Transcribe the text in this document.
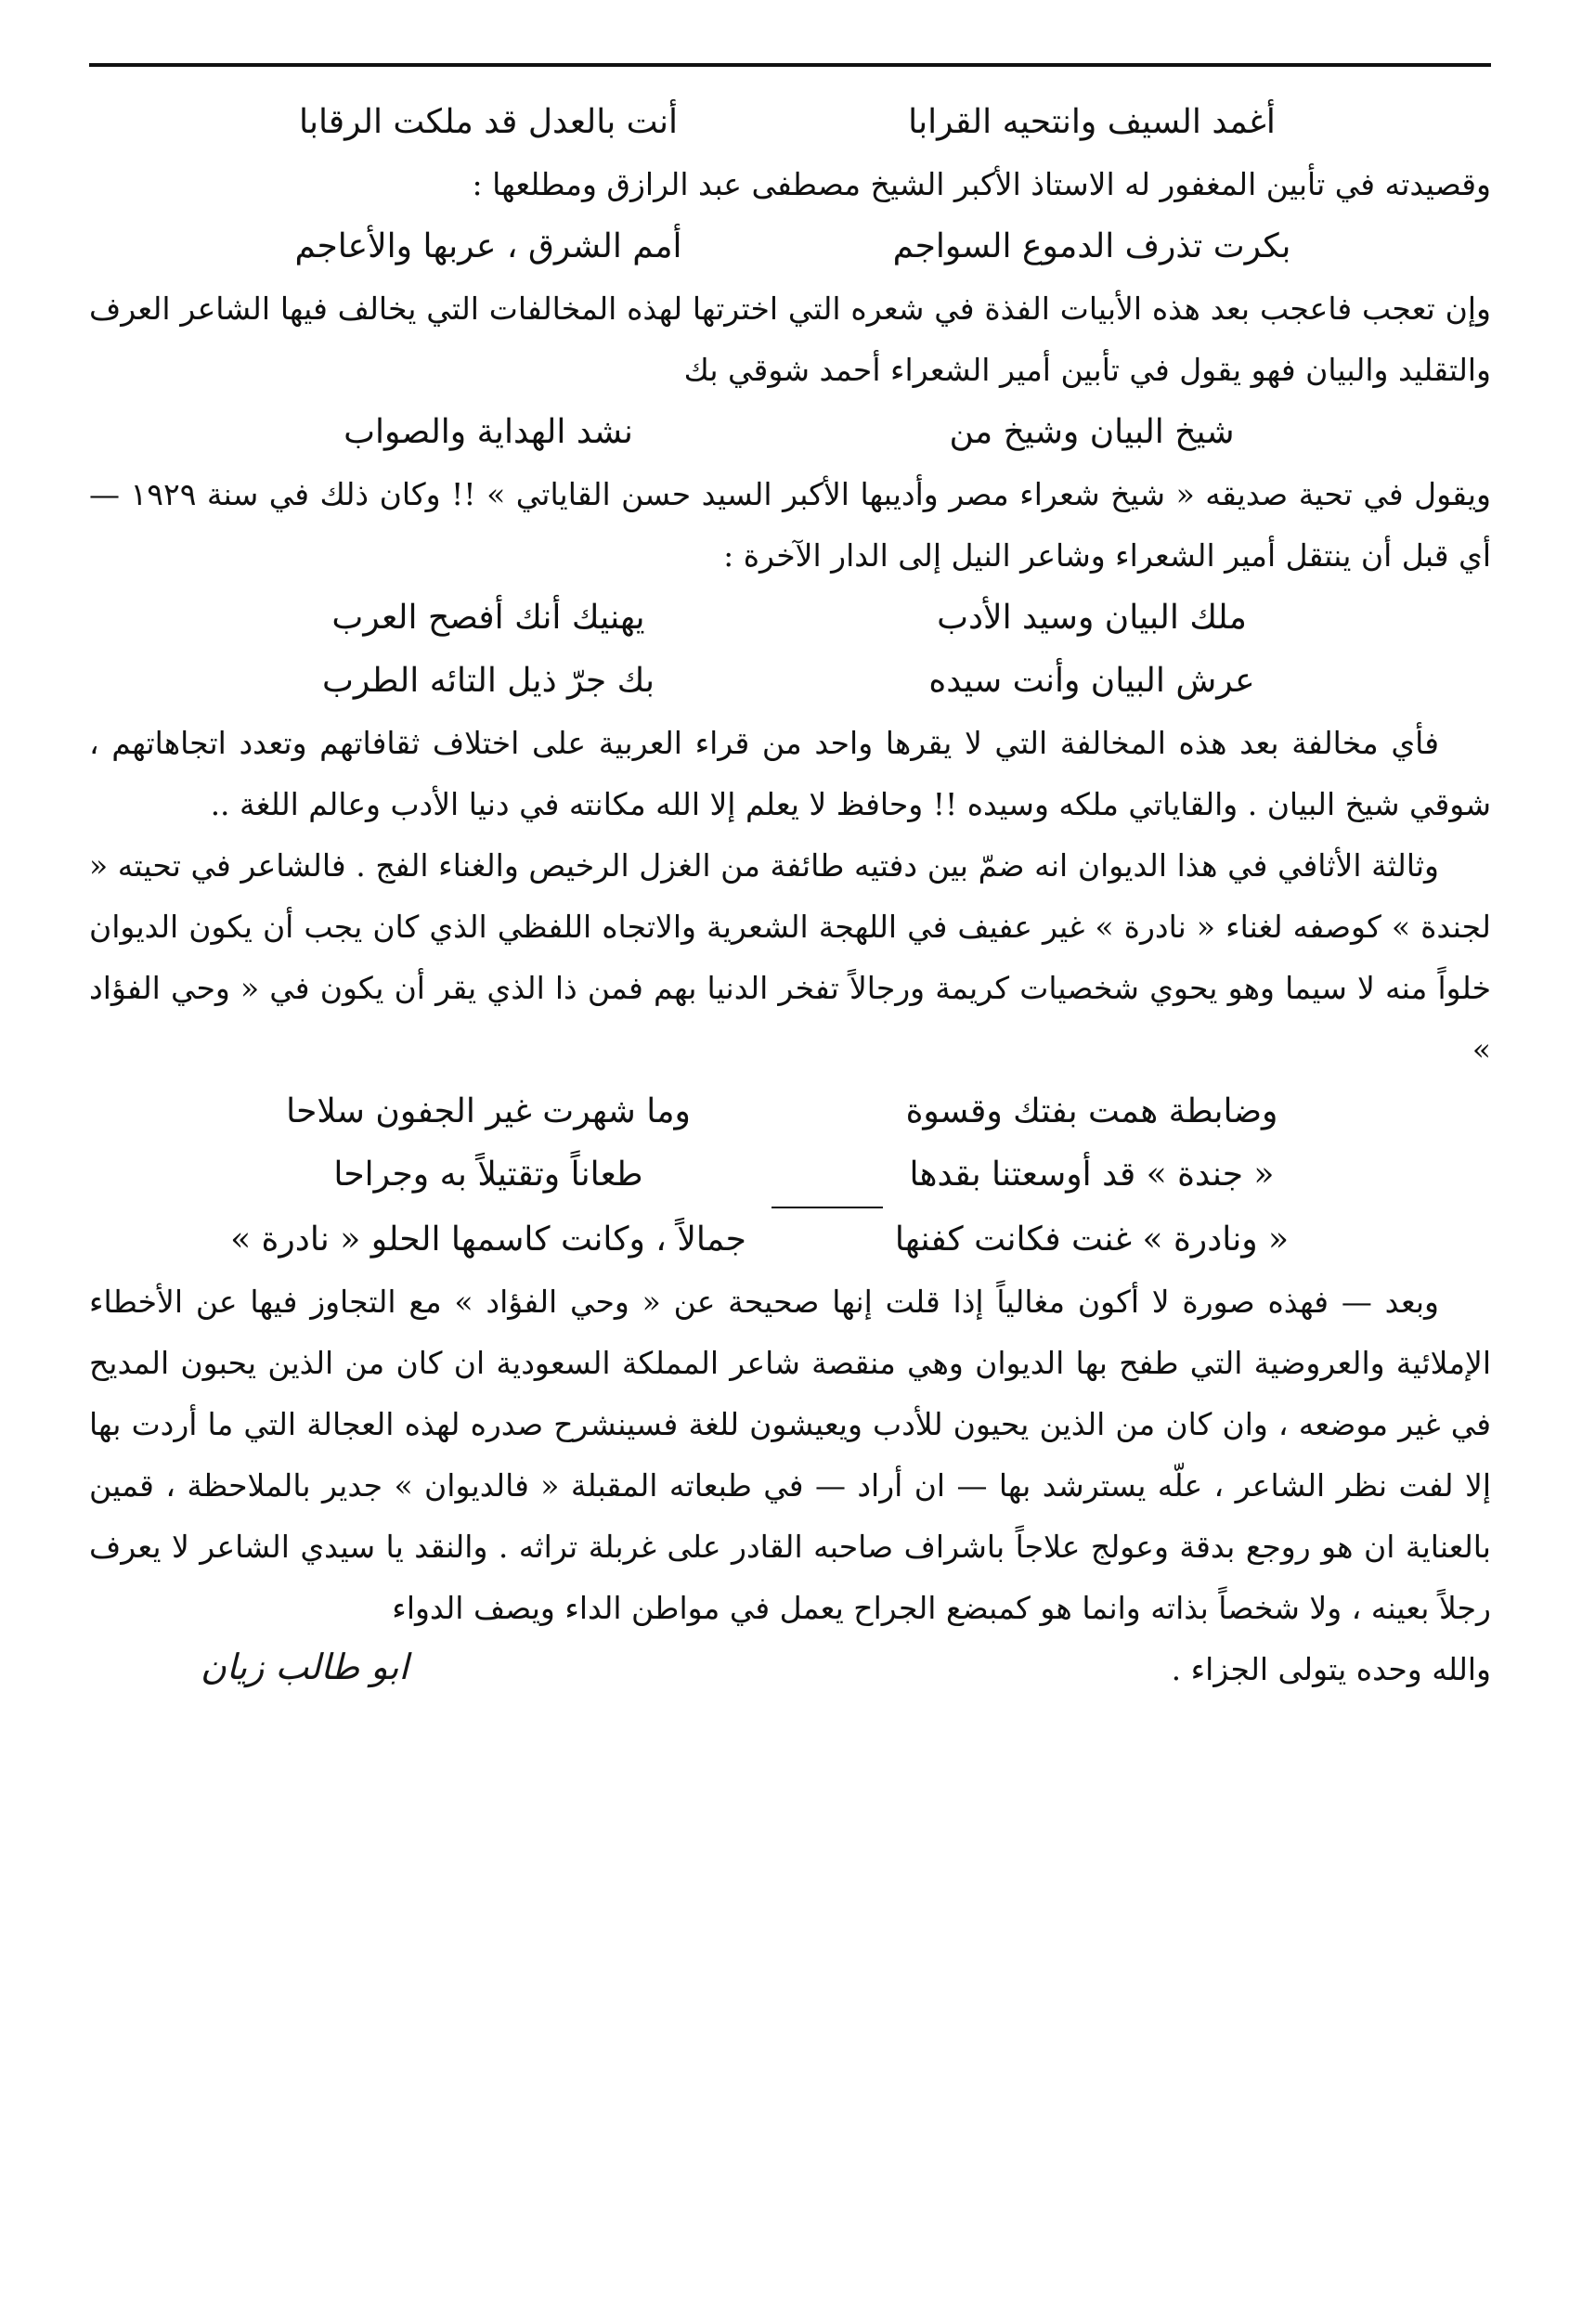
أغمد السيف وانتحيه القرابا
أنت بالعدل قد ملكت الرقابا

وقصيدته في تأبين المغفور له الاستاذ الأكبر الشيخ مصطفى عبد الرازق ومطلعها :

بكرت تذرف الدموع السواجم
أمم الشرق ، عربها والأعاجم

وإن تعجب فاعجب بعد هذه الأبيات الفذة في شعره التي اخترتها لهذه المخالفات التي يخالف فيها الشاعر العرف والتقليد والبيان فهو يقول في تأبين أمير الشعراء أحمد شوقي بك

شيخ البيان وشيخ من
نشد الهداية والصواب

ويقول في تحية صديقه « شيخ شعراء مصر وأديبها الأكبر السيد حسن القاياتي » !! وكان ذلك في سنة ١٩٢٩ — أي قبل أن ينتقل أمير الشعراء وشاعر النيل إلى الدار الآخرة :

ملك البيان وسيد الأدب
يهنيك أنك أفصح العرب
عرش البيان وأنت سيده
بك جرّ ذيل التائه الطرب

فأي مخالفة بعد هذه المخالفة التي لا يقرها واحد من قراء العربية على اختلاف ثقافاتهم وتعدد اتجاهاتهم ، شوقي شيخ البيان . والقاياتي ملكه وسيده !! وحافظ لا يعلم إلا الله مكانته في دنيا الأدب وعالم اللغة ..

وثالثة الأثافي في هذا الديوان انه ضمّ بين دفتيه طائفة من الغزل الرخيص والغناء الفج . فالشاعر في تحيته « لجندة » كوصفه لغناء « نادرة » غير عفيف في اللهجة الشعرية والاتجاه اللفظي الذي كان يجب أن يكون الديوان خلواً منه لا سيما وهو يحوي شخصيات كريمة ورجالاً تفخر الدنيا بهم فمن ذا الذي يقر أن يكون في « وحي الفؤاد »

وضابطة همت بفتك وقسوة
وما شهرت غير الجفون سلاحا
« جندة » قد أوسعتنا بقدها
طعاناً وتقتيلاً به وجراحا
« ونادرة » غنت فكانت كفنها
جمالاً ، وكانت كاسمها الحلو « نادرة »

وبعد — فهذه صورة لا أكون مغالياً إذا قلت إنها صحيحة عن « وحي الفؤاد » مع التجاوز فيها عن الأخطاء الإملائية والعروضية التي طفح بها الديوان وهي منقصة شاعر المملكة السعودية ان كان من الذين يحبون المديح في غير موضعه ، وان كان من الذين يحيون للأدب ويعيشون للغة فسينشرح صدره لهذه العجالة التي ما أردت بها إلا لفت نظر الشاعر ، علّه يسترشد بها — ان أراد — في طبعاته المقبلة « فالديوان » جدير بالملاحظة ، قمين بالعناية ان هو روجع بدقة وعولج علاجاً باشراف صاحبه القادر على غربلة تراثه . والنقد يا سيدي الشاعر لا يعرف رجلاً بعينه ، ولا شخصاً بذاته وانما هو كمبضع الجراح يعمل في مواطن الداء ويصف الدواء

والله وحده يتولى الجزاء .
ابو طالب زيان
